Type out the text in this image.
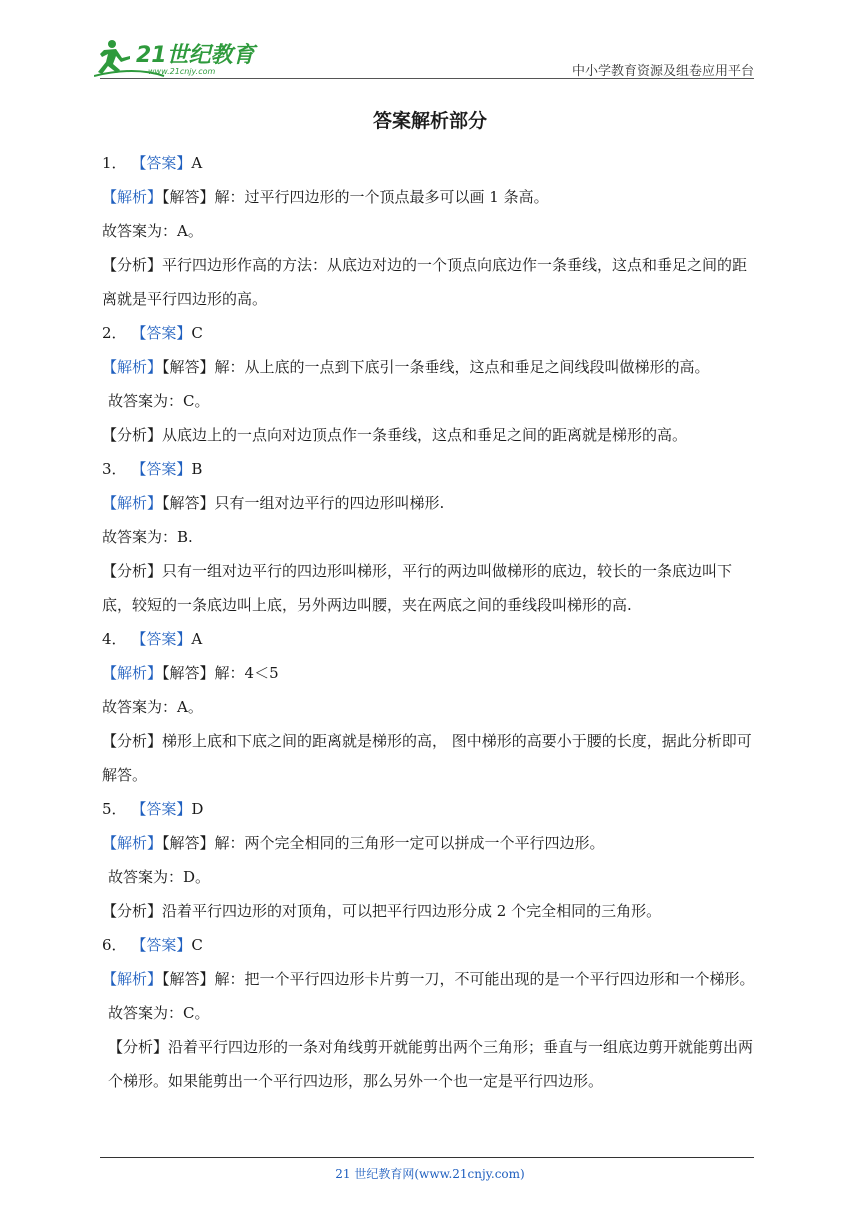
21世纪教育
www.21cnjy.com	中小学教育资源及组卷应用平台
答案解析部分
1． 【答案】A
【解析】【解答】解：过平行四边形的一个顶点最多可以画 1 条高。
故答案为：A。
【分析】平行四边形作高的方法：从底边对边的一个顶点向底边作一条垂线，这点和垂足之间的距离就是平行四边形的高。
2． 【答案】C
【解析】【解答】解：从上底的一点到下底引一条垂线，这点和垂足之间线段叫做梯形的高。
故答案为：C。
【分析】从底边上的一点向对边顶点作一条垂线，这点和垂足之间的距离就是梯形的高。
3． 【答案】B
【解析】【解答】只有一组对边平行的四边形叫梯形.
故答案为：B.
【分析】只有一组对边平行的四边形叫梯形，平行的两边叫做梯形的底边，较长的一条底边叫下底，较短的一条底边叫上底，另外两边叫腰，夹在两底之间的垂线段叫梯形的高.
4． 【答案】A
【解析】【解答】解：4＜5
故答案为：A。
【分析】梯形上底和下底之间的距离就是梯形的高， 图中梯形的高要小于腰的长度，据此分析即可解答。
5． 【答案】D
【解析】【解答】解：两个完全相同的三角形一定可以拼成一个平行四边形。
故答案为：D。
【分析】沿着平行四边形的对顶角，可以把平行四边形分成 2 个完全相同的三角形。
6． 【答案】C
【解析】【解答】解：把一个平行四边形卡片剪一刀，不可能出现的是一个平行四边形和一个梯形。
故答案为：C。
【分析】沿着平行四边形的一条对角线剪开就能剪出两个三角形；垂直与一组底边剪开就能剪出两个梯形。如果能剪出一个平行四边形，那么另外一个也一定是平行四边形。
21 世纪教育网(www.21cnjy.com)
